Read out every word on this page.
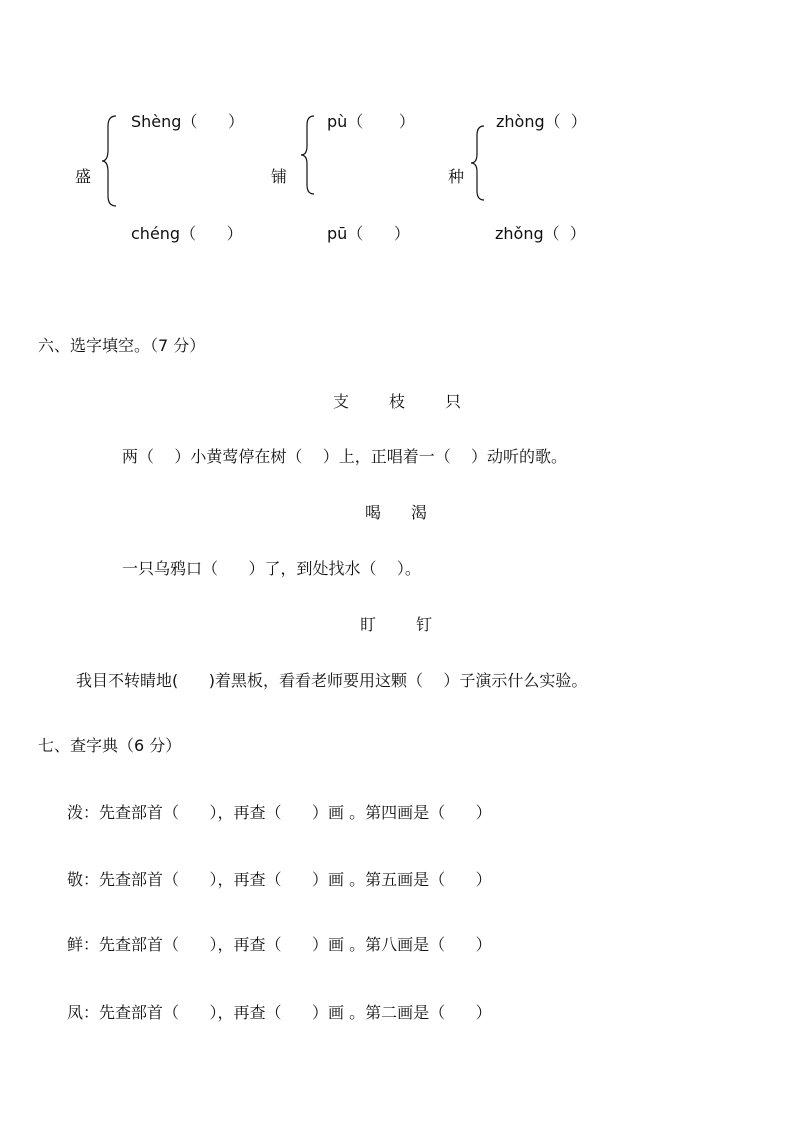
Shèng（      ）
盛
chéng（      ）
pù（       ）
铺
pū（      ）
zhòng（  ）
种
zhǒng（  ）
六、选字填空。（7 分）
支 枝 只
两（    ）小黄莺停在树（    ）上，正唱着一（    ）动听的歌。
喝 渴
一只乌鸦口（      ）了，到处找水（    ）。
盯 钉
我目不转睛地(      )着黑板，看看老师要用这颗（    ）子演示什么实验。
七、查字典（6 分）
泼：先查部首（      ），再查（      ）画 。第四画是（      ）
敬：先查部首（      ），再查（      ）画 。第五画是（      ）
鲜：先查部首（      ），再查（      ）画 。第八画是（      ）
凤：先查部首（      ），再查（      ）画 。第二画是（      ）
